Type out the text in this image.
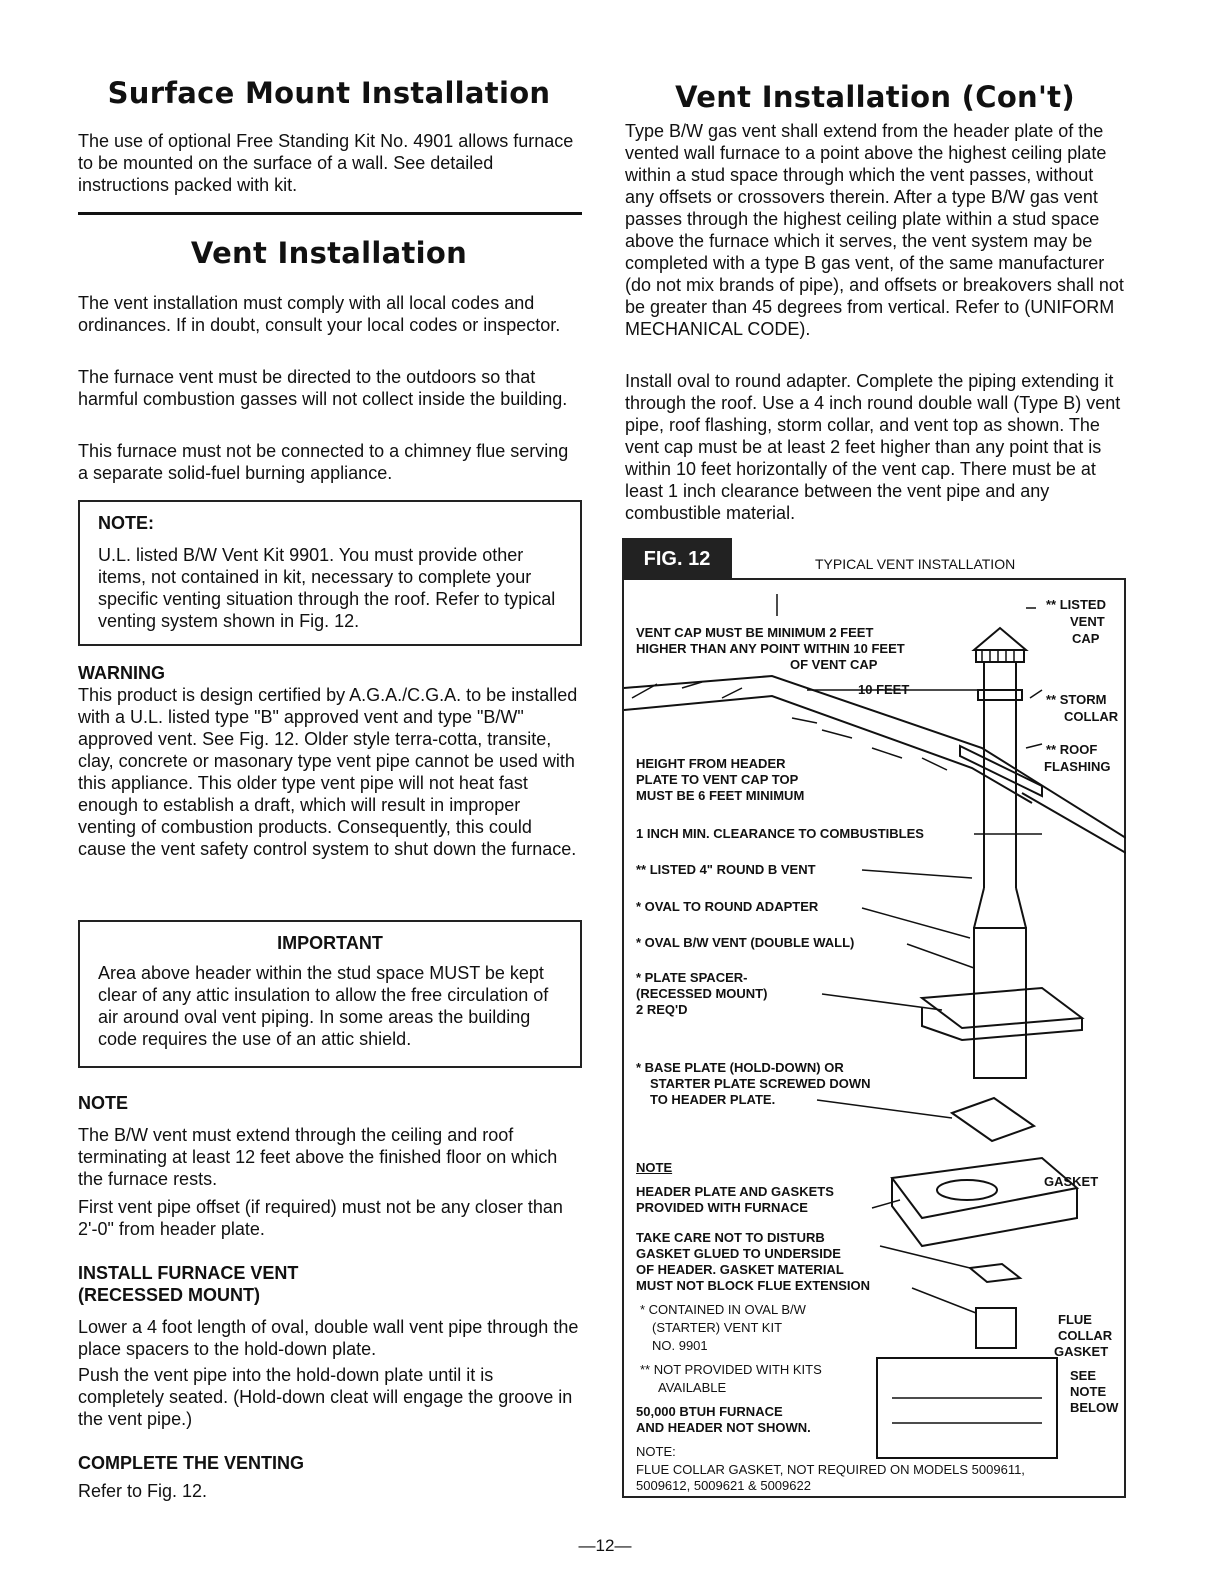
Surface Mount Installation

The use of optional Free Standing Kit No. 4901 allows furnace to be mounted on the surface of a wall. See detailed instructions packed with kit.

Vent Installation

The vent installation must comply with all local codes and ordinances. If in doubt, consult your local codes or inspector.

The furnace vent must be directed to the outdoors so that harmful combustion gasses will not collect inside the building.

This furnace must not be connected to a chimney flue serving a separate solid-fuel burning appliance.

NOTE:

U.L. listed B/W Vent Kit 9901. You must provide other items, not contained in kit, necessary to complete your specific venting situation through the roof. Refer to typical venting system shown in Fig. 12.

WARNING

This product is design certified by A.G.A./C.G.A. to be installed with a U.L. listed type "B" approved vent and type "B/W" approved vent. See Fig. 12. Older style terra-cotta, transite, clay, concrete or masonary type vent pipe cannot be used with this appliance. This older type vent pipe will not heat fast enough to establish a draft, which will result in improper venting of combustion products. Consequently, this could cause the vent safety control system to shut down the furnace.

IMPORTANT

Area above header within the stud space MUST be kept clear of any attic insulation to allow the free circulation of air around oval vent piping. In some areas the building code requires the use of an attic shield.

NOTE

The B/W vent must extend through the ceiling and roof terminating at least 12 feet above the finished floor on which the furnace rests.

First vent pipe offset (if required) must not be any closer than 2'-0" from header plate.

INSTALL FURNACE VENT
(RECESSED MOUNT)

Lower a 4 foot length of oval, double wall vent pipe through the place spacers to the hold-down plate.

Push the vent pipe into the hold-down plate until it is completely seated. (Hold-down cleat will engage the groove in the vent pipe.)

COMPLETE THE VENTING

Refer to Fig. 12.

Vent Installation (Con't)

Type B/W gas vent shall extend from the header plate of the vented wall furnace to a point above the highest ceiling plate within a stud space through which the vent passes, without any offsets or crossovers therein. After a type B/W gas vent passes through the highest ceiling plate within a stud space above the furnace which it serves, the vent system may be completed with a type B gas vent, of the same manufacturer (do not mix brands of pipe), and offsets or breakovers shall not be greater than 45 degrees from vertical. Refer to (UNIFORM MECHANICAL CODE).

Install oval to round adapter. Complete the piping extending it through the roof. Use a 4 inch round double wall (Type B) vent pipe, roof flashing, storm collar, and vent top as shown. The vent cap must be at least 2 feet higher than any point that is within 10 feet horizontally of the vent cap. There must be at least 1 inch clearance between the vent pipe and any combustible material.

FIG. 12	TYPICAL VENT INSTALLATION
VENT CAP MUST BE MINIMUM 2 FEET
HIGHER THAN ANY POINT WITHIN 10 FEET
OF VENT CAP
10 FEET
** LISTED
VENT
CAP
** STORM
COLLAR
** ROOF
FLASHING
HEIGHT FROM HEADER
PLATE TO VENT CAP TOP
MUST BE 6 FEET MINIMUM
1 INCH MIN. CLEARANCE TO COMBUSTIBLES
** LISTED 4" ROUND B VENT
* OVAL TO ROUND ADAPTER
* OVAL B/W VENT (DOUBLE WALL)
* PLATE SPACER-
(RECESSED MOUNT)
2 REQ'D
* BASE PLATE (HOLD-DOWN) OR
STARTER PLATE SCREWED DOWN
TO HEADER PLATE.
NOTE
HEADER PLATE AND GASKETS
PROVIDED WITH FURNACE
TAKE CARE NOT TO DISTURB
GASKET GLUED TO UNDERSIDE
OF HEADER. GASKET MATERIAL
MUST NOT BLOCK FLUE EXTENSION
GASKET
* CONTAINED IN OVAL B/W
(STARTER) VENT KIT
NO. 9901
** NOT PROVIDED WITH KITS
AVAILABLE
50,000 BTUH FURNACE
AND HEADER NOT SHOWN.
FLUE
COLLAR
GASKET
SEE
NOTE
BELOW
NOTE:
FLUE COLLAR GASKET, NOT REQUIRED ON MODELS 5009611,
5009612, 5009621 & 5009622
—12—
